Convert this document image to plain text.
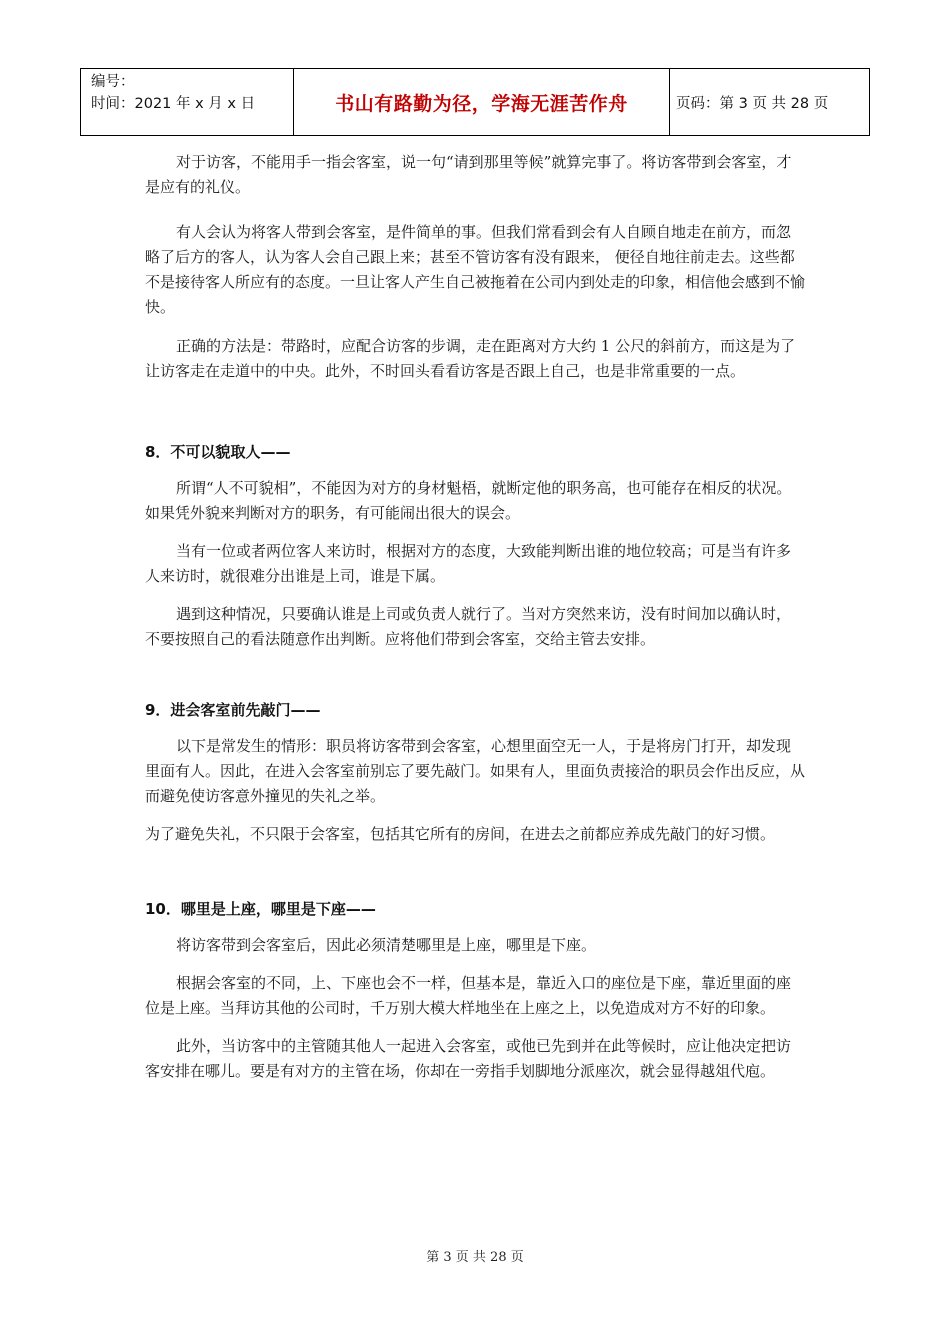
编号：
时间：2021 年 x 月 x 日	书山有路勤为径，学海无涯苦作舟	页码：第 3 页 共 28 页

对于访客，不能用手一指会客室，说一句“请到那里等候”就算完事了。将访客带到会客室，才是应有的礼仪。

有人会认为将客人带到会客室，是件简单的事。但我们常看到会有人自顾自地走在前方，而忽略了后方的客人，认为客人会自己跟上来；甚至不管访客有没有跟来， 便径自地往前走去。这些都不是接待客人所应有的态度。一旦让客人产生自己被拖着在公司内到处走的印象，相信他会感到不愉快。

正确的方法是：带路时，应配合访客的步调，走在距离对方大约 1 公尺的斜前方，而这是为了让访客走在走道中的中央。此外，不时回头看看访客是否跟上自己，也是非常重要的一点。

8．不可以貌取人——

所谓“人不可貌相”，不能因为对方的身材魁梧，就断定他的职务高，也可能存在相反的状况。如果凭外貌来判断对方的职务，有可能闹出很大的误会。

当有一位或者两位客人来访时，根据对方的态度，大致能判断出谁的地位较高；可是当有许多人来访时，就很难分出谁是上司，谁是下属。

遇到这种情况，只要确认谁是上司或负责人就行了。当对方突然来访，没有时间加以确认时，不要按照自己的看法随意作出判断。应将他们带到会客室，交给主管去安排。

9．进会客室前先敲门——

以下是常发生的情形：职员将访客带到会客室，心想里面空无一人，于是将房门打开，却发现里面有人。因此，在进入会客室前别忘了要先敲门。如果有人，里面负责接洽的职员会作出反应，从而避免使访客意外撞见的失礼之举。

为了避免失礼，不只限于会客室，包括其它所有的房间，在进去之前都应养成先敲门的好习惯。

10．哪里是上座，哪里是下座——

将访客带到会客室后，因此必须清楚哪里是上座，哪里是下座。

根据会客室的不同，上、下座也会不一样，但基本是，靠近入口的座位是下座，靠近里面的座位是上座。当拜访其他的公司时，千万别大模大样地坐在上座之上，以免造成对方不好的印象。

此外，当访客中的主管随其他人一起进入会客室，或他已先到并在此等候时，应让他决定把访客安排在哪儿。要是有对方的主管在场，你却在一旁指手划脚地分派座次，就会显得越俎代庖。

第 3 页 共 28 页
